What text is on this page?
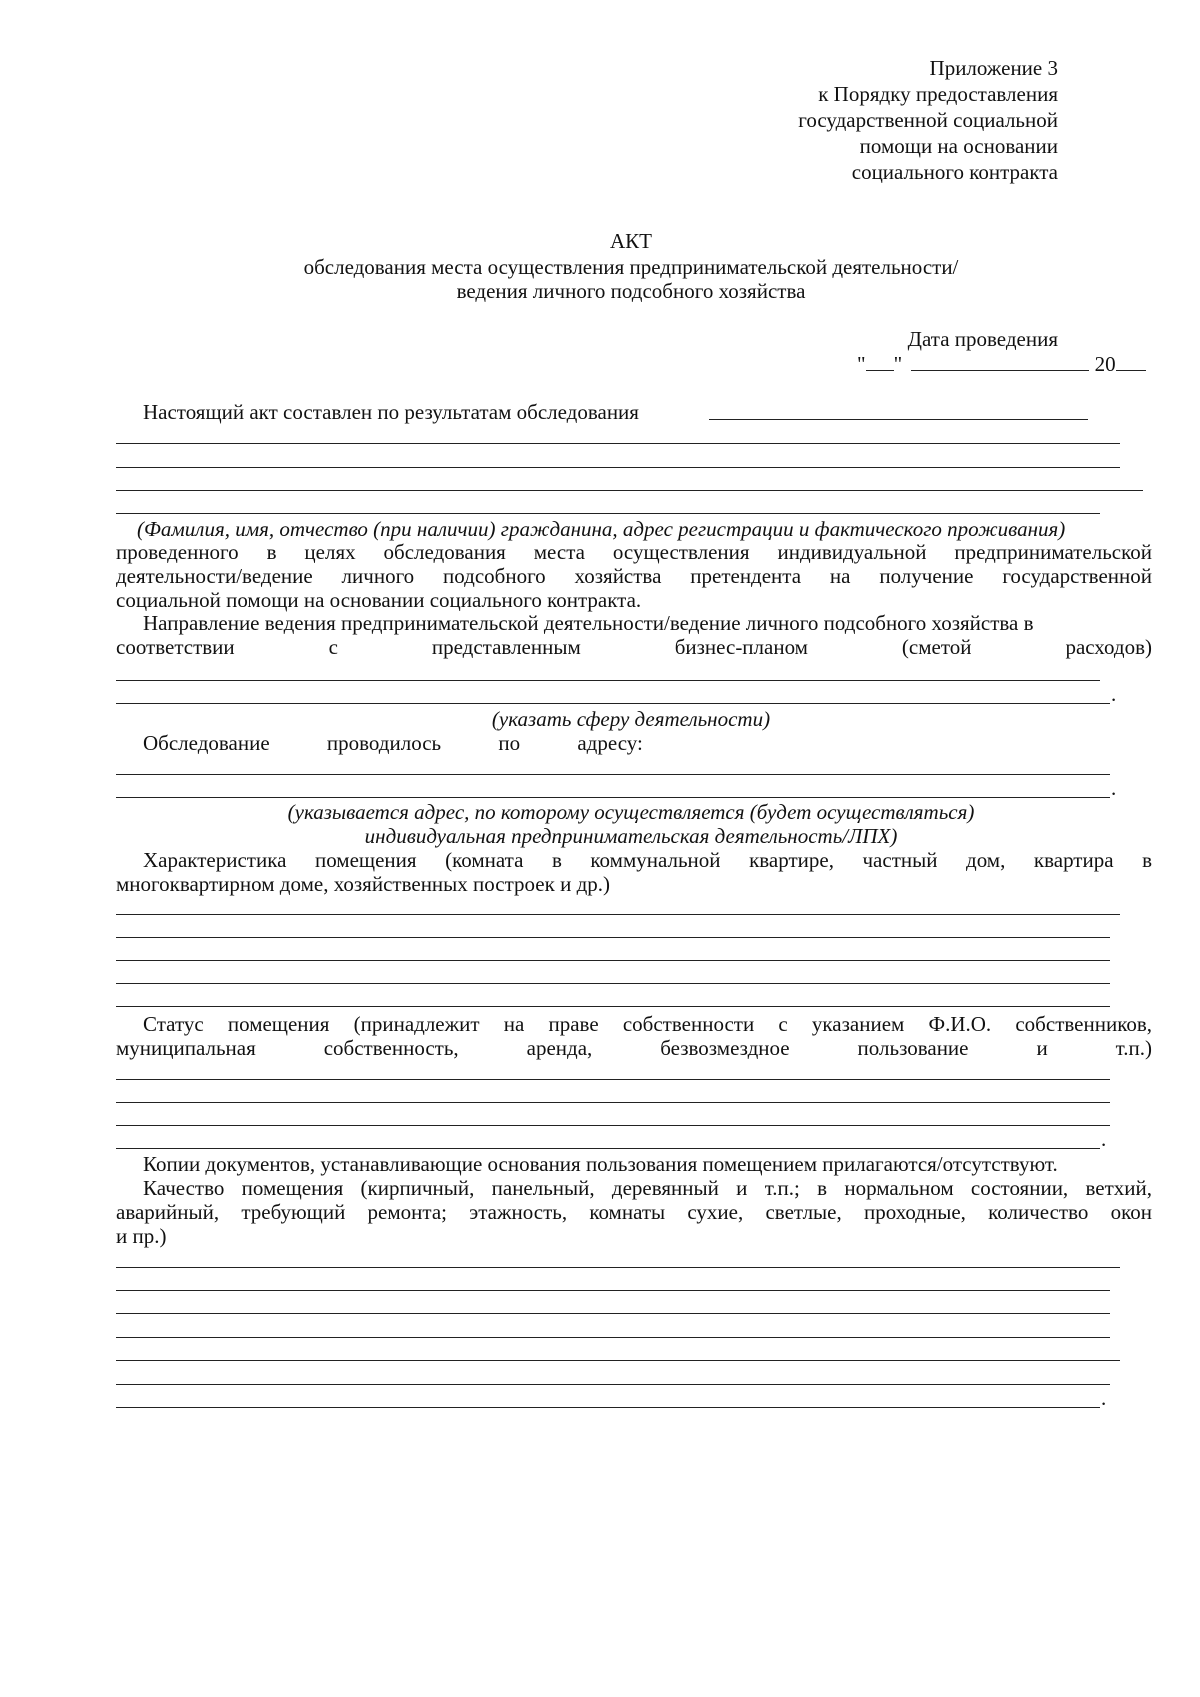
Приложение 3
к Порядку предоставления
государственной социальной
помощи на основании
социального контракта
АКТ
обследования места осуществления предпринимательской деятельности/
ведения личного подсобного хозяйства
Дата проведения
" "	20
Настоящий акт составлен по результатам обследования
(Фамилия, имя, отчество (при наличии) гражданина, адрес регистрации и фактического проживания)
проведенного в целях обследования места осуществления индивидуальной предпринимательской
деятельности/ведение личного подсобного хозяйства претендента на получение государственной
социальной помощи на основании социального контракта.
Направление ведения предпринимательской деятельности/ведение личного подсобного хозяйства в
соответствии с представленным бизнес-планом (сметой расходов)
.
(указать сферу деятельности)
Обследование проводилось по адресу:
.
(указывается адрес, по которому осуществляется (будет осуществляться)
индивидуальная предпринимательская деятельность/ЛПХ)
Характеристика помещения (комната в коммунальной квартире, частный дом, квартира в
многоквартирном доме, хозяйственных построек и др.)
Статус помещения (принадлежит на праве собственности с указанием Ф.И.О. собственников,
муниципальная собственность, аренда, безвозмездное пользование и т.п.)
.
Копии документов, устанавливающие основания пользования помещением прилагаются/отсутствуют.
Качество помещения (кирпичный, панельный, деревянный и т.п.; в нормальном состоянии, ветхий,
аварийный, требующий ремонта; этажность, комнаты сухие, светлые, проходные, количество окон
и пр.)
.
